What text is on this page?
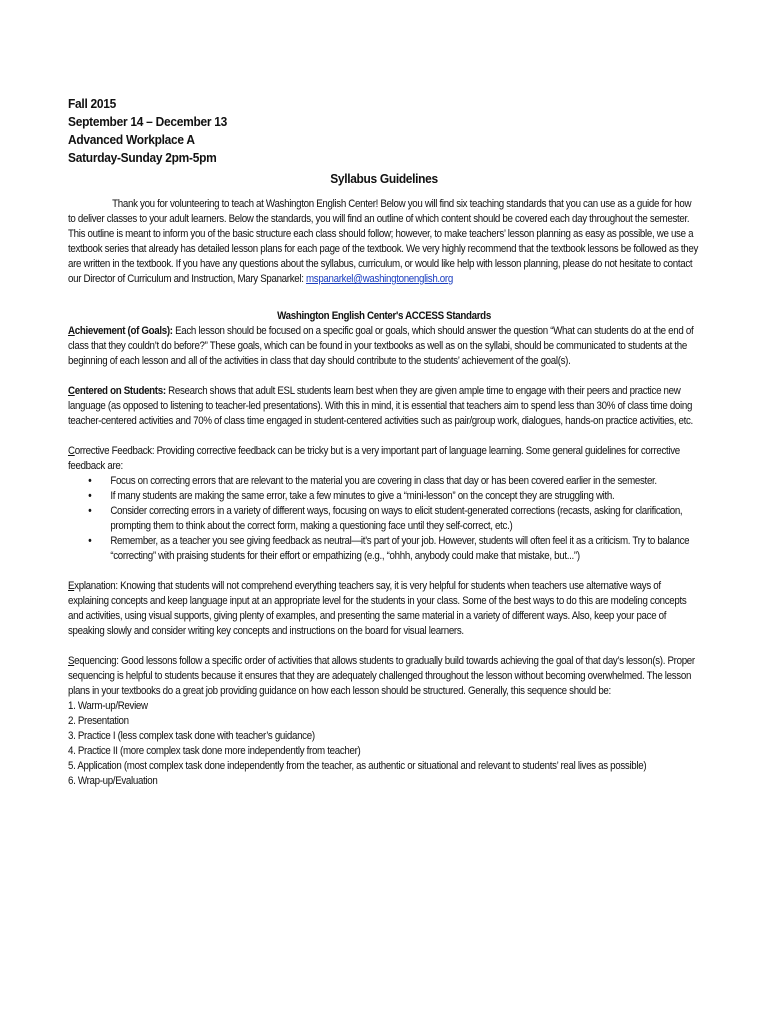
Fall 2015
September 14 – December 13
Advanced Workplace A
Saturday-Sunday 2pm-5pm
Syllabus Guidelines

Thank you for volunteering to teach at Washington English Center! Below you will find six teaching standards that you can use as a guide for how to deliver classes to your adult learners. Below the standards, you will find an outline of which content should be covered each day throughout the semester. This outline is meant to inform you of the basic structure each class should follow; however, to make teachers’ lesson planning as easy as possible, we use a textbook series that already has detailed lesson plans for each page of the textbook. We very highly recommend that the textbook lessons be followed as they are written in the textbook. If you have any questions about the syllabus, curriculum, or would like help with lesson planning, please do not hesitate to contact our Director of Curriculum and Instruction, Mary Spanarkel: mspanarkel@washingtonenglish.org

Washington English Center's ACCESS Standards

Achievement (of Goals): Each lesson should be focused on a specific goal or goals, which should answer the question “What can students do at the end of class that they couldn’t do before?” These goals, which can be found in your textbooks as well as on the syllabi, should be communicated to students at the beginning of each lesson and all of the activities in class that day should contribute to the students’ achievement of the goal(s).

Centered on Students: Research shows that adult ESL students learn best when they are given ample time to engage with their peers and practice new language (as opposed to listening to teacher-led presentations). With this in mind, it is essential that teachers aim to spend less than 30% of class time doing teacher-centered activities and 70% of class time engaged in student-centered activities such as pair/group work, dialogues, hands-on practice activities, etc.

Corrective Feedback: Providing corrective feedback can be tricky but is a very important part of language learning. Some general guidelines for corrective feedback are:

• Focus on correcting errors that are relevant to the material you are covering in class that day or has been covered earlier in the semester.
• If many students are making the same error, take a few minutes to give a “mini-lesson” on the concept they are struggling with.
• Consider correcting errors in a variety of different ways, focusing on ways to elicit student-generated corrections (recasts, asking for clarification, prompting them to think about the correct form, making a questioning face until they self-correct, etc.)
• Remember, as a teacher you see giving feedback as neutral—it’s part of your job. However, students will often feel it as a criticism. Try to balance “correcting” with praising students for their effort or empathizing (e.g., “ohhh, anybody could make that mistake, but...”)

Explanation: Knowing that students will not comprehend everything teachers say, it is very helpful for students when teachers use alternative ways of explaining concepts and keep language input at an appropriate level for the students in your class. Some of the best ways to do this are modeling concepts and activities, using visual supports, giving plenty of examples, and presenting the same material in a variety of different ways. Also, keep your pace of speaking slowly and consider writing key concepts and instructions on the board for visual learners.

Sequencing: Good lessons follow a specific order of activities that allows students to gradually build towards achieving the goal of that day’s lesson(s). Proper sequencing is helpful to students because it ensures that they are adequately challenged throughout the lesson without becoming overwhelmed. The lesson plans in your textbooks do a great job providing guidance on how each lesson should be structured. Generally, this sequence should be:

1. Warm-up/Review
2. Presentation
3. Practice I (less complex task done with teacher’s guidance)
4. Practice II (more complex task done more independently from teacher)
5. Application (most complex task done independently from the teacher, as authentic or situational and relevant to students’ real lives as possible)
6. Wrap-up/Evaluation
